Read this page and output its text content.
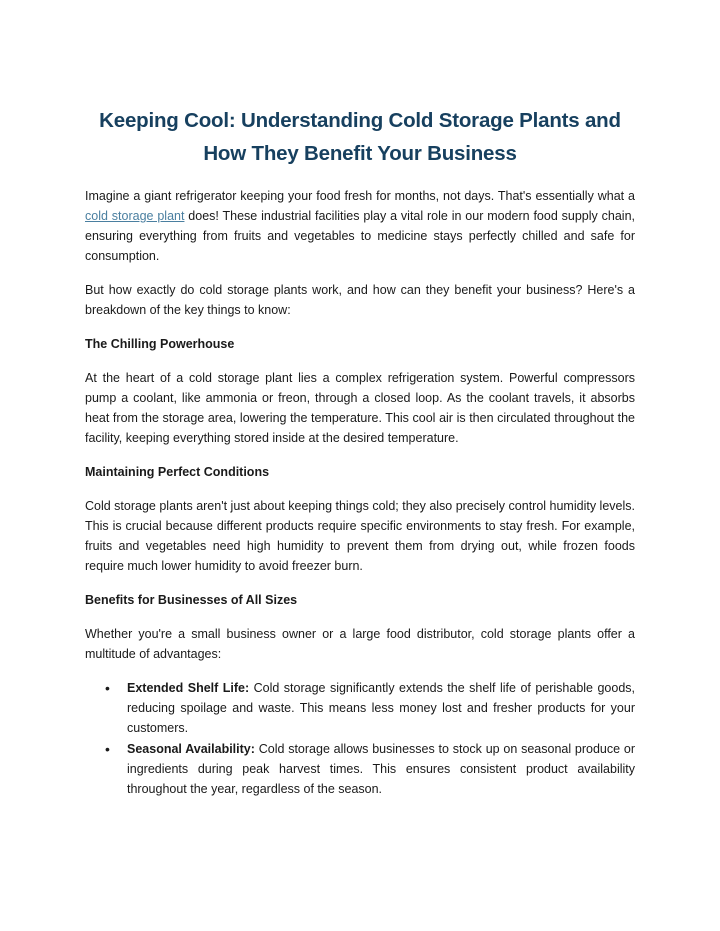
Keeping Cool: Understanding Cold Storage Plants and How They Benefit Your Business

Imagine a giant refrigerator keeping your food fresh for months, not days. That's essentially what a cold storage plant does! These industrial facilities play a vital role in our modern food supply chain, ensuring everything from fruits and vegetables to medicine stays perfectly chilled and safe for consumption.

But how exactly do cold storage plants work, and how can they benefit your business? Here's a breakdown of the key things to know:

The Chilling Powerhouse

At the heart of a cold storage plant lies a complex refrigeration system. Powerful compressors pump a coolant, like ammonia or freon, through a closed loop. As the coolant travels, it absorbs heat from the storage area, lowering the temperature. This cool air is then circulated throughout the facility, keeping everything stored inside at the desired temperature.

Maintaining Perfect Conditions

Cold storage plants aren't just about keeping things cold; they also precisely control humidity levels. This is crucial because different products require specific environments to stay fresh. For example, fruits and vegetables need high humidity to prevent them from drying out, while frozen foods require much lower humidity to avoid freezer burn.

Benefits for Businesses of All Sizes

Whether you're a small business owner or a large food distributor, cold storage plants offer a multitude of advantages:

• Extended Shelf Life: Cold storage significantly extends the shelf life of perishable goods, reducing spoilage and waste. This means less money lost and fresher products for your customers.
• Seasonal Availability: Cold storage allows businesses to stock up on seasonal produce or ingredients during peak harvest times. This ensures consistent product availability throughout the year, regardless of the season.
